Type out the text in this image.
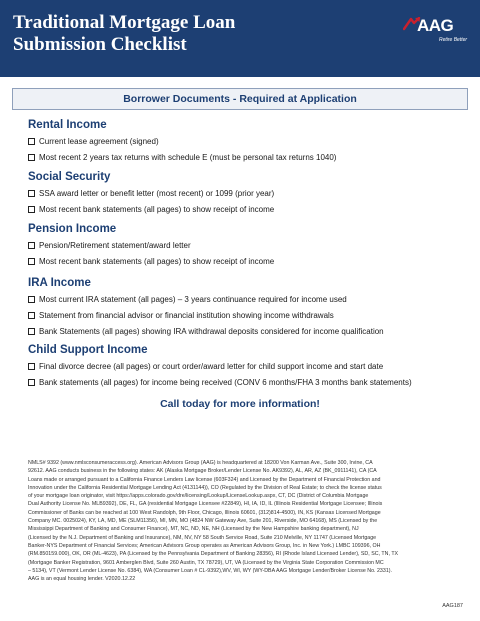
Traditional Mortgage Loan
Submission Checklist
AAG
Retire Better
Borrower Documents - Required at Application
Rental Income
Current lease agreement (signed)
Most recent 2 years tax returns with schedule E (must be personal tax returns 1040)
Social Security
SSA award letter or benefit letter (most recent) or 1099 (prior year)
Most recent bank statements (all pages) to show receipt of income
Pension Income
Pension/Retirement statement/award letter
Most recent bank statements (all pages) to show receipt of income
IRA Income
Most current IRA statement (all pages) – 3 years continuance required for income used
Statement from financial advisor or financial institution showing income withdrawals
Bank Statements (all pages) showing IRA withdrawal deposits considered for income qualification
Child Support Income
Final divorce decree (all pages) or court order/award letter for child support income and start date
Bank statements (all pages) for income being received (CONV 6 months/FHA 3 months bank statements)
Call today for more information!
NMLS# 9392 (www.nmlsconsumeraccess.org). American Advisors Group (AAG) is headquartered at 18200 Von Karman Ave., Suite 300, Irvine, CA
92612. AAG conducts business in the following states: AK (Alaska Mortgage Broker/Lender License No. AK9392), AL, AR, AZ (BK_0911141), CA (CA
Loans made or arranged pursuant to a California Finance Lenders Law license (603F324) and Licensed by the Department of Financial Protection and
Innovation under the California Residential Mortgage Lending Act (4131144)), CO (Regulated by the Division of Real Estate; to check the license status
of your mortgage loan originator, visit https://apps.colorado.gov/dre/licensing/Lookup/LicenseLookup.aspx, CT, DC (District of Columbia Mortgage
Dual Authority License No. MLB9392), DE, FL, GA (residential Mortgage Licensee #22849), HI, IA, ID, IL (Illinois Residential Mortgage Licensee; Illinois
Commissioner of Banks can be reached at 100 West Randolph, 9th Floor, Chicago, Illinois 60601, (312)814-4500), IN, KS (Kansas Licensed Mortgage
Company MC. 0025024), KY, LA, MD, ME (SLM11356), MI, MN, MO (4824 NW Gateway Ave, Suite 201, Riverside, MO 64168), MS (Licensed by the
Mississippi Department of Banking and Consumer Finance), MT, NC, ND, NE, NH (Licensed by the New Hampshire banking department), NJ
(Licensed by the N.J. Department of Banking and Insurance), NM, NV, NY 58 South Service Road, Suite 210 Melville, NY 11747 (Licensed Mortgage
Banker-NYS Department of Financial Services; American Advisors Group operates as American Advisors Group, Inc. in New York.) LMBC 109396, OH
(RM.850159.000), OK, OR (ML-4623), PA (Licensed by the Pennsylvania Department of Banking 28356), RI (Rhode Island Licensed Lender), SD, SC, TN, TX
(Mortgage Banker Registration, 9601 Amberglen Blvd, Suite 260 Austin, TX 78729), UT, VA (Licensed by the Virginia State Corporation Commission MC
– 5134), VT (Vermont Lender License No. 6384), WA (Consumer Loan # CL-9392),WV, WI, WY (WY-DBA AAG Mortgage Lender/Broker License No. 2331).
AAG is an equal housing lender. V2020.12.22
AAG187
